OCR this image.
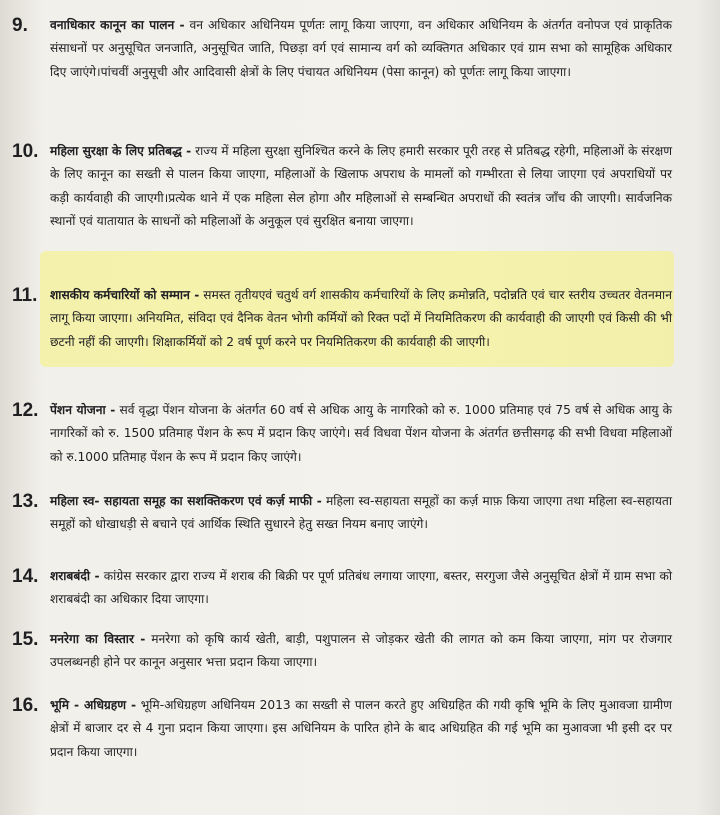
9. वनाधिकार कानून का पालन - वन अधिकार अधिनियम पूर्णतः लागू किया जाएगा, वन अधिकार अधिनियम के अंतर्गत वनोपज एवं प्राकृतिक संसाधनों पर अनुसूचित जनजाति, अनुसूचित जाति, पिछड़ा वर्ग एवं सामान्य वर्ग को व्यक्तिगत अधिकार एवं ग्राम सभा को सामूहिक अधिकार दिए जाएंगे।पांचवीं अनुसूची और आदिवासी क्षेत्रों के लिए पंचायत अधिनियम (पेसा कानून) को पूर्णतः लागू किया जाएगा।
10. महिला सुरक्षा के लिए प्रतिबद्ध - राज्य में महिला सुरक्षा सुनिश्चित करने के लिए हमारी सरकार पूरी तरह से प्रतिबद्ध रहेगी, महिलाओं के संरक्षण के लिए कानून का सख्ती से पालन किया जाएगा, महिलाओं के खिलाफ अपराध के मामलों को गम्भीरता से लिया जाएगा एवं अपराधियों पर कड़ी कार्यवाही की जाएगी।प्रत्येक थाने में एक महिला सेल होगा और महिलाओं से सम्बन्धित अपराधों की स्वतंत्र जाँच की जाएगी। सार्वजनिक स्थानों एवं यातायात के साधनों को महिलाओं के अनुकूल एवं सुरक्षित बनाया जाएगा।
11. शासकीय कर्मचारियों को सम्मान - समस्त तृतीयएवं चतुर्थ वर्ग शासकीय कर्मचारियों के लिए क्रमोन्नति, पदोन्नति एवं चार स्तरीय उच्चतर वेतनमान लागू किया जाएगा। अनियमित, संविदा एवं दैनिक वेतन भोगी कर्मियों को रिक्त पदों में नियमितिकरण की कार्यवाही की जाएगी एवं किसी की भी छटनी नहीं की जाएगी। शिक्षाकर्मियों को 2 वर्ष पूर्ण करने पर नियमितिकरण की कार्यवाही की जाएगी।
12. पेंशन योजना - सर्व वृद्धा पेंशन योजना के अंतर्गत 60 वर्ष से अधिक आयु के नागरिको को रु. 1000 प्रतिमाह एवं 75 वर्ष से अधिक आयु के नागरिकों को रु. 1500 प्रतिमाह पेंशन के रूप में प्रदान किए जाएंगे। सर्व विधवा पेंशन योजना के अंतर्गत छत्तीसगढ़ की सभी विधवा महिलाओं को रु.1000 प्रतिमाह पेंशन के रूप में प्रदान किए जाएंगे।
13. महिला स्व- सहायता समूह का सशक्तिकरण एवं कर्ज़ माफी - महिला स्व-सहायता समूहों का कर्ज़ माफ़ किया जाएगा तथा महिला स्व-सहायता समूहों को धोखाधड़ी से बचाने एवं आर्थिक स्थिति सुधारने हेतु सख्त नियम बनाए जाएंगे।
14. शराबबंदी - कांग्रेस सरकार द्वारा राज्य में शराब की बिक्री पर पूर्ण प्रतिबंध लगाया जाएगा, बस्तर, सरगुजा जैसे अनुसूचित क्षेत्रों में ग्राम सभा को शराबबंदी का अधिकार दिया जाएगा।
15. मनरेगा का विस्तार - मनरेगा को कृषि कार्य खेती, बाड़ी, पशुपालन से जोड़कर खेती की लागत को कम किया जाएगा, मांग पर रोजगार उपलब्धनही होने पर कानून अनुसार भत्ता प्रदान किया जाएगा।
16. भूमि - अधिग्रहण - भूमि-अधिग्रहण अधिनियम 2013 का सख्ती से पालन करते हुए अधिग्रहित की गयी कृषि भूमि के लिए मुआवजा ग्रामीण क्षेत्रों में बाजार दर से 4 गुना प्रदान किया जाएगा। इस अधिनियम के पारित होने के बाद अधिग्रहित की गई भूमि का मुआवजा भी इसी दर पर प्रदान किया जाएगा।
